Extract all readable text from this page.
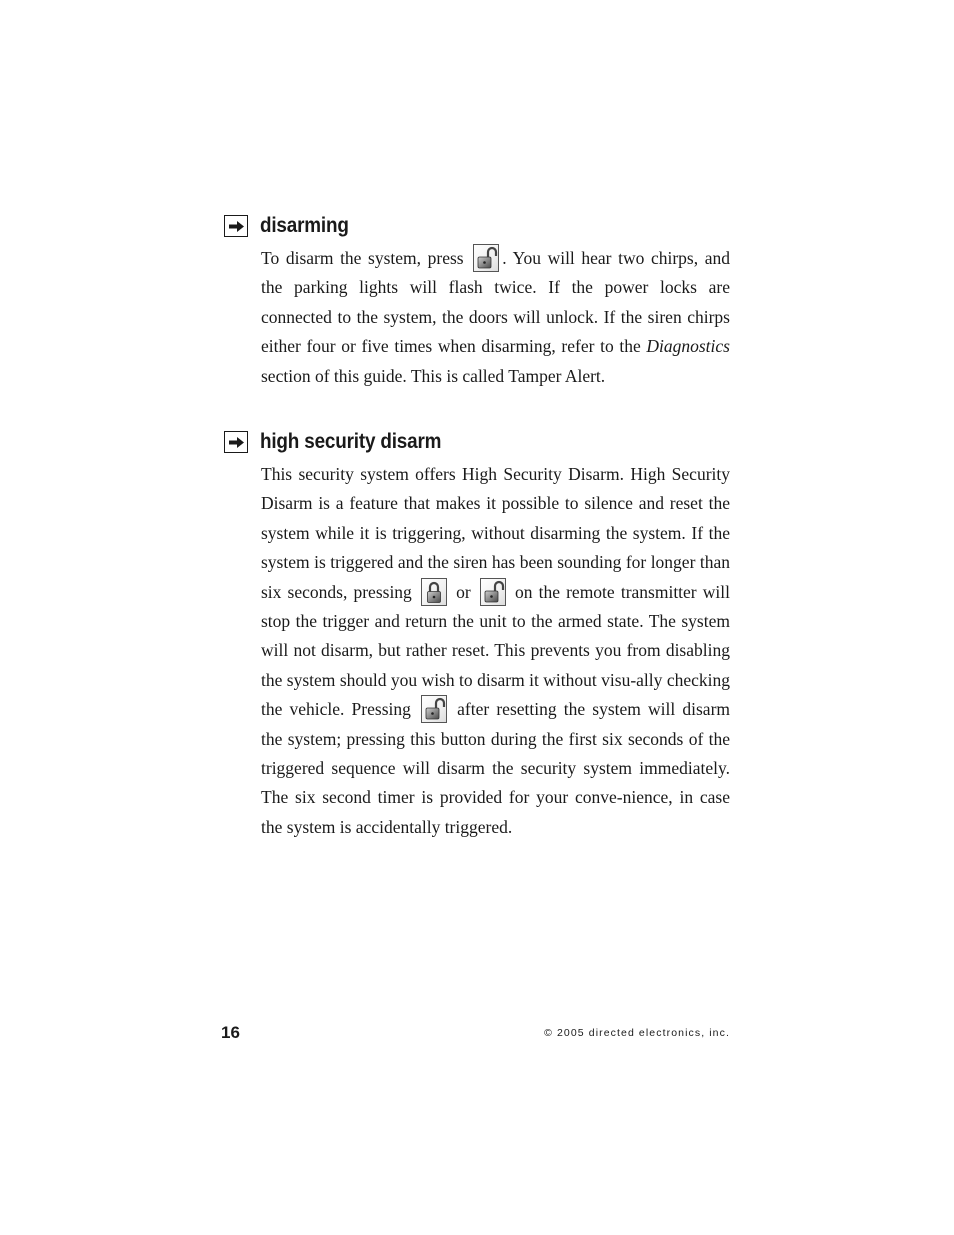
disarming
To disarm the system, press
. You will hear two chirps, and the parking lights will flash twice. If the power locks are connected to the system, the doors will unlock. If the siren chirps either four or five times when disarming, refer to the Diagnostics section of this guide. This is called Tamper Alert.
high security disarm
This security system offers High Security Disarm. High Security Disarm is a feature that makes it possible to silence and reset the system while it is triggering, without disarming the system. If the system is triggered and the siren has been sounding for longer than six seconds, pressing
or
on the remote transmitter will stop the trigger and return the unit to the armed state. The system will not disarm, but rather reset. This prevents you from disabling the system should you wish to disarm it without visu-ally checking the vehicle. Pressing
after resetting the system will disarm the system; pressing this button during the first six seconds of the triggered sequence will disarm the security system immediately. The six second timer is provided for your conve-nience, in case the system is accidentally triggered.
16	© 2005 directed electronics, inc.
